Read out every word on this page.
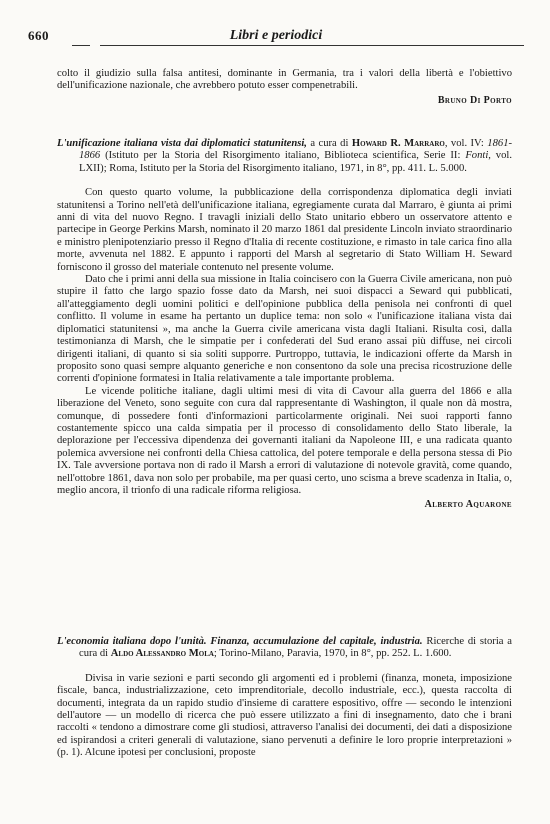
660	Libri e periodici

colto il giudizio sulla falsa antitesi, dominante in Germania, tra i valori della libertà e l'obiettivo dell'unificazione nazionale, che avrebbero potuto esser compenetrabili.

Bruno Di Porto

L'unificazione italiana vista dai diplomatici statunitensi, a cura di Howard R. Marraro, vol. IV: 1861-1866 (Istituto per la Storia del Risorgimento italiano, Biblioteca scientifica, Serie II: Fonti, vol. LXII); Roma, Istituto per la Storia del Risorgimento italiano, 1971, in 8°, pp. 411. L. 5.000.

Con questo quarto volume, la pubblicazione della corrispondenza diplomatica degli inviati statunitensi a Torino nell'età dell'unificazione italiana, egregiamente curata dal Marraro, è giunta ai primi anni di vita del nuovo Regno. I travagli iniziali dello Stato unitario ebbero un osservatore attento e partecipe in George Perkins Marsh, nominato il 20 marzo 1861 dal presidente Lincoln inviato straordinario e ministro plenipotenziario presso il Regno d'Italia di recente costituzione, e rimasto in tale carica fino alla morte, avvenuta nel 1882. E appunto i rapporti del Marsh al segretario di Stato William H. Seward forniscono il grosso del materiale contenuto nel presente volume.

Dato che i primi anni della sua missione in Italia coincisero con la Guerra Civile americana, non può stupire il fatto che largo spazio fosse dato da Marsh, nei suoi dispacci a Seward qui pubblicati, all'atteggiamento degli uomini politici e dell'opinione pubblica della penisola nei confronti di quel conflitto. Il volume in esame ha pertanto un duplice tema: non solo « l'unificazione italiana vista dai diplomatici statunitensi », ma anche la Guerra civile americana vista dagli Italiani. Risulta così, dalla testimonianza di Marsh, che le simpatie per i confederati del Sud erano assai più diffuse, nei circoli dirigenti italiani, di quanto si sia soliti supporre. Purtroppo, tuttavia, le indicazioni offerte da Marsh in proposito sono quasi sempre alquanto generiche e non consentono da sole una precisa ricostruzione delle correnti d'opinione formatesi in Italia relativamente a tale importante problema.

Le vicende politiche italiane, dagli ultimi mesi di vita di Cavour alla guerra del 1866 e alla liberazione del Veneto, sono seguite con cura dal rappresentante di Washington, il quale non dà mostra, comunque, di possedere fonti d'informazioni particolarmente originali. Nei suoi rapporti fanno costantemente spicco una calda simpatia per il processo di consolidamento dello Stato liberale, la deplorazione per l'eccessiva dipendenza dei governanti italiani da Napoleone III, e una radicata quanto polemica avversione nei confronti della Chiesa cattolica, del potere temporale e della persona stessa di Pio IX. Tale avversione portava non di rado il Marsh a errori di valutazione di notevole gravità, come quando, nell'ottobre 1861, dava non solo per probabile, ma per quasi certo, uno scisma a breve scadenza in Italia, o, meglio ancora, il trionfo di una radicale riforma religiosa.

Alberto Aquarone

L'economia italiana dopo l'unità. Finanza, accumulazione del capitale, industria. Ricerche di storia a cura di Aldo Alessandro Mola; Torino-Milano, Paravia, 1970, in 8°, pp. 252. L. 1.600.

Divisa in varie sezioni e parti secondo gli argomenti ed i problemi (finanza, moneta, imposizione fiscale, banca, industrializzazione, ceto imprenditoriale, decollo industriale, ecc.), questa raccolta di documenti, integrata da un rapido studio d'insieme di carattere espositivo, offre — secondo le intenzioni dell'autore — un modello di ricerca che può essere utilizzato a fini di insegnamento, dato che i brani raccolti « tendono a dimostrare come gli studiosi, attraverso l'analisi dei documenti, dei dati a disposizione ed ispirandosi a criteri generali di valutazione, siano pervenuti a definire le loro proprie interpretazioni » (p. 1). Alcune ipotesi per conclusioni, proposte
